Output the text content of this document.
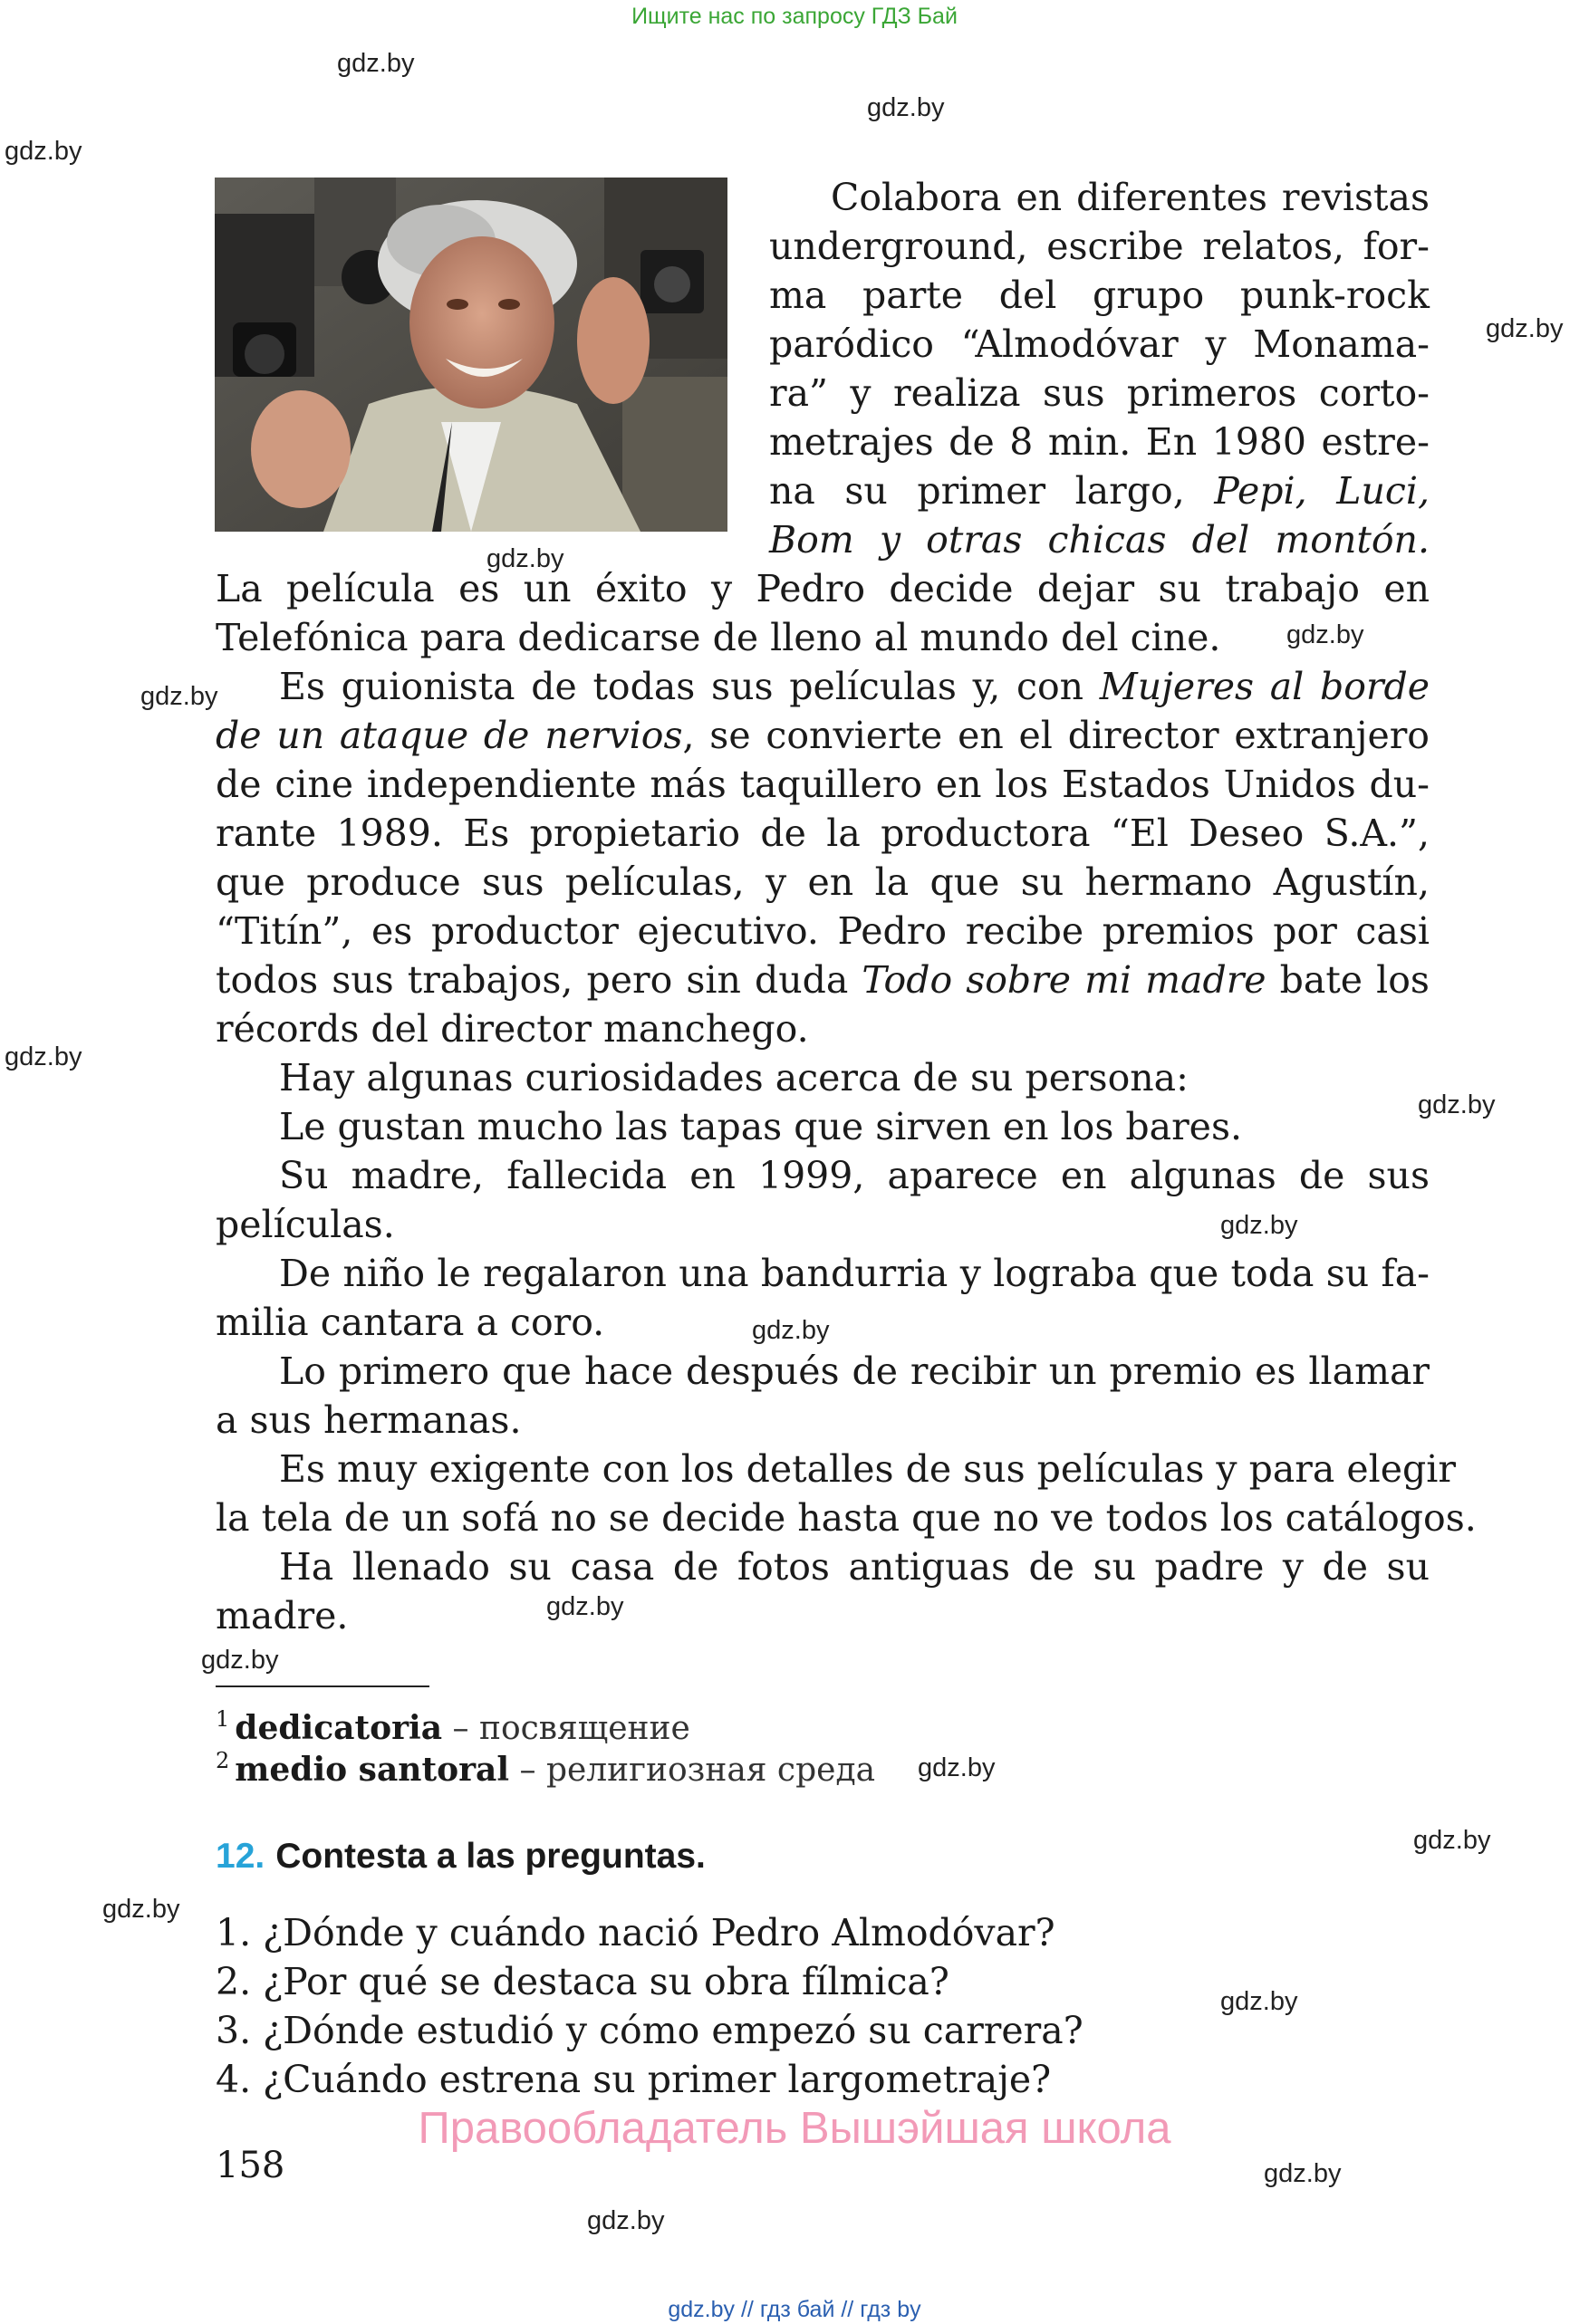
Ищите нас по запросу ГДЗ Бай
gdz.by // гдз бай // гдз by
Colabora en diferentes revistas
underground, escribe relatos, for-
ma parte del grupo punk-rock
paródico “Almodóvar y Monama-
ra” y realiza sus primeros corto-
metrajes de 8 min. En 1980 estre-
na su primer largo, Pepi, Luci,
Bom y otras chicas del montón.
La película es un éxito y Pedro decide dejar su trabajo en
Telefónica para dedicarse de lleno al mundo del cine.
Es guionista de todas sus películas y, con Mujeres al borde
de un ataque de nervios, se convierte en el director extranjero
de cine independiente más taquillero en los Estados Unidos du-
rante 1989. Es propietario de la productora “El Deseo S.A.”,
que produce sus películas, y en la que su hermano Agustín,
“Titín”, es productor ejecutivo. Pedro recibe premios por casi
todos sus trabajos, pero sin duda Todo sobre mi madre bate los
récords del director manchego.
Hay algunas curiosidades acerca de su persona:
Le gustan mucho las tapas que sirven en los bares.
Su madre, fallecida en 1999, aparece en algunas de sus
películas.
De niño le regalaron una bandurria y lograba que toda su fa-
milia cantara a coro.
Lo primero que hace después de recibir un premio es llamar
a sus hermanas.
Es muy exigente con los detalles de sus películas y para elegir
la tela de un sofá no se decide hasta que no ve todos los catálogos.
Ha llenado su casa de fotos antiguas de su padre y de su
madre.
$^1$ dedicatoria – посвящение
$^2$ medio santoral – религиозная среда
12. Contesta a las preguntas.
1. ¿Dónde y cuándo nació Pedro Almodóvar?
2. ¿Por qué se destaca su obra fílmica?
3. ¿Dónde estudió y cómo empezó su carrera?
4. ¿Cuándo estrena su primer largometraje?
Правообладатель Вышэйшая школа
158
gdz.by
gdz.by
gdz.by
gdz.by
gdz.by
gdz.by
gdz.by
gdz.by
gdz.by
gdz.by
gdz.by
gdz.by
gdz.by
gdz.by
gdz.by
gdz.by
gdz.by
gdz.by
gdz.by
